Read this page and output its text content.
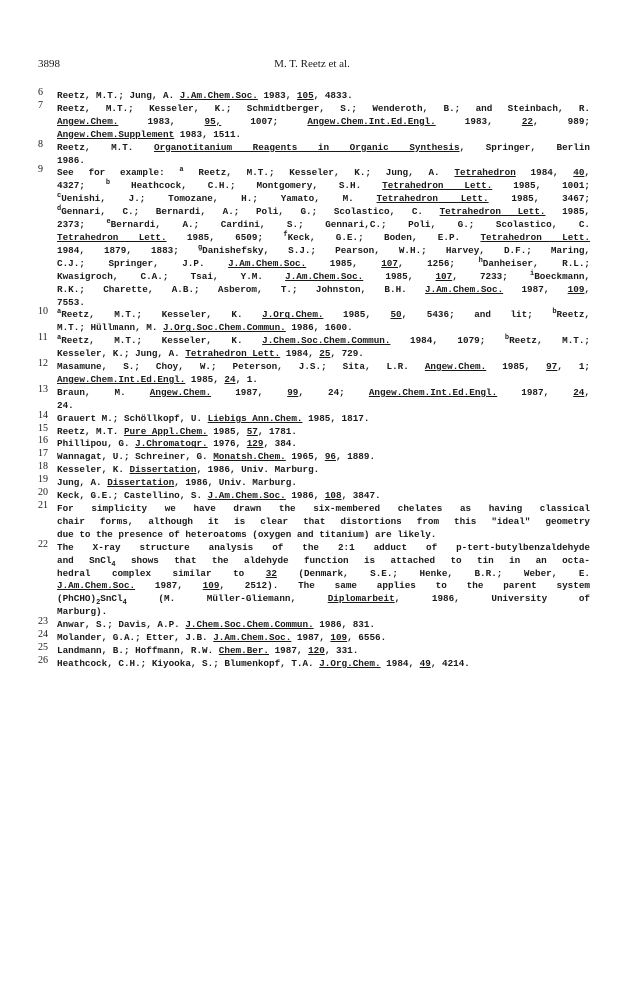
3898	M. T. Reetz et al.
6 Reetz, M.T.; Jung, A. J.Am.Chem.Soc. 1983, 105, 4833.
7 Reetz, M.T.; Kesseler, K.; Schmidtberger, S.; Wenderoth, B.; and Steinbach, R.
Angew.Chem. 1983, 95, 1007; Angew.Chem.Int.Ed.Engl. 1983, 22, 989;
Angew.Chem.Supplement 1983, 1511.
8 Reetz, M.T. Organotitanium Reagents in Organic Synthesis, Springer, Berlin
1986.
9 See for example: $^a$ Reetz, M.T.; Kesseler, K.; Jung, A. Tetrahedron 1984, 40,
4327; $^b$ Heathcock, C.H.; Montgomery, S.H. Tetrahedron Lett. 1985, 1001;
$^c$Uenishi, J.; Tomozane, H.; Yamato, M. Tetrahedron Lett. 1985, 3467;
$^d$Gennari, C.; Bernardi, A.; Poli, G.; Scolastico, C. Tetrahedron Lett. 1985,
2373; $^e$Bernardi, A.; Cardini, S.; Gennari,C.; Poli, G.; Scolastico, C.
Tetrahedron Lett. 1985, 6509; $^f$Keck, G.E.; Boden, E.P. Tetrahedron Lett.
1984, 1879, 1883; $^g$Danishefsky, S.J.; Pearson, W.H.; Harvey, D.F.; Maring,
C.J.; Springer, J.P. J.Am.Chem.Soc. 1985, 107, 1256; $^h$Danheiser, R.L.;
Kwasigroch, C.A.; Tsai, Y.M. J.Am.Chem.Soc. 1985, 107, 7233; $^i$Boeckmann,
R.K.; Charette, A.B.; Asberom, T.; Johnston, B.H. J.Am.Chem.Soc. 1987, 109,
7553.
10 $^a$Reetz, M.T.; Kesseler, K. J.Org.Chem. 1985, 50, 5436; and lit; $^b$Reetz,
M.T.; Hüllmann, M. J.Org.Soc.Chem.Commun. 1986, 1600.
11 $^a$Reetz, M.T.; Kesseler, K. J.Chem.Soc.Chem.Commun. 1984, 1079; $^b$Reetz, M.T.;
Kesseler, K.; Jung, A. Tetrahedron Lett. 1984, 25, 729.
12 Masamune, S.; Choy, W.; Peterson, J.S.; Sita, L.R. Angew.Chem. 1985, 97, 1;
Angew.Chem.Int.Ed.Engl. 1985, 24, 1.
13 Braun, M. Angew.Chem. 1987, 99, 24; Angew.Chem.Int.Ed.Engl. 1987, 24,
24.
14 Grauert M.; Schöllkopf, U. Liebigs Ann.Chem. 1985, 1817.
15 Reetz, M.T. Pure Appl.Chem. 1985, 57, 1781.
16 Phillipou, G. J.Chromatogr. 1976, 129, 384.
17 Wannagat, U.; Schreiner, G. Monatsh.Chem. 1965, 96, 1889.
18 Kesseler, K. Dissertation, 1986, Univ. Marburg.
19 Jung, A. Dissertation, 1986, Univ. Marburg.
20 Keck, G.E.; Castellino, S. J.Am.Chem.Soc. 1986, 108, 3847.
21 For simplicity we have drawn the six-membered chelates as having classical
chair forms, although it is clear that distortions from this "ideal" geometry
due to the presence of heteroatoms (oxygen and titanium) are likely.
22 The X-ray structure analysis of the 2:1 adduct of p-tert-butylbenzaldehyde
and SnCl$_4$ shows that the aldehyde function is attached to tin in an octa-
hedral complex similar to 32 (Denmark, S.E.; Henke, B.R.; Weber, E.
J.Am.Chem.Soc. 1987, 109, 2512). The same applies to the parent system
$(PhCHO)_2SnCl_4$ (M. Müller-Gliemann, Diplomarbeit, 1986, University of
Marburg).
23 Anwar, S.; Davis, A.P. J.Chem.Soc.Chem.Commun. 1986, 831.
24 Molander, G.A.; Etter, J.B. J.Am.Chem.Soc. 1987, 109, 6556.
25 Landmann, B.; Hoffmann, R.W. Chem.Ber. 1987, 120, 331.
26 Heathcock, C.H.; Kiyooka, S.; Blumenkopf, T.A. J.Org.Chem. 1984, 49, 4214.
